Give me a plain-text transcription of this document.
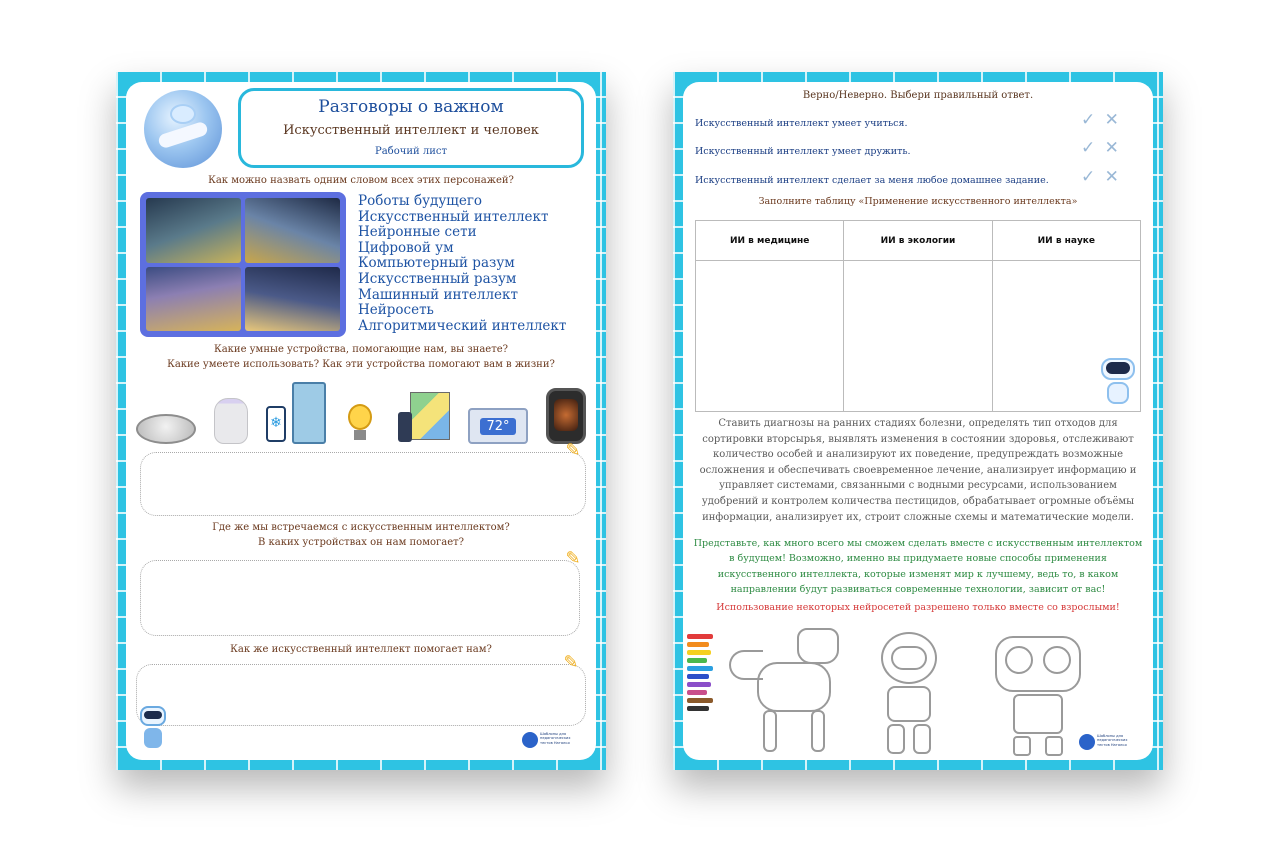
Разговоры о важном
Искусственный интеллект и человек
Рабочий лист
Как можно назвать одним словом всех этих персонажей?
Роботы будущего
Искусственный интеллект
Нейронные сети
Цифровой ум
Компьютерный разум
Искусственный разум
Машинный интеллект
Нейросеть
Алгоритмический интеллект
Какие умные устройства, помогающие нам, вы знаете?
Какие умеете использовать? Как эти устройства помогают вам в жизни?
❄	72°
✎
Где же мы встречаемся с искусственным интеллектом?
В каких устройствах он нам помогает?
✎
Как же искусственный интеллект помогает нам?
✎
Шаблоны для педагогических тестов Наталья
Верно/Неверно. Выбери правильный ответ.
Искусственный интеллект умеет учиться.	✓ ✕
Искусственный интеллект умеет дружить.	✓ ✕
Искусственный интеллект сделает за меня любое домашнее задание. ✓ ✕
Заполните таблицу «Применение искусственного интеллекта»
ИИ в медицине	ИИ в экологии	ИИ в науке

Ставить диагнозы на ранних стадиях болезни, определять тип отходов для сортировки вторсырья, выявлять изменения в состоянии здоровья, отслеживают количество особей и анализируют их поведение, предупреждать возможные осложнения и обеспечивать своевременное лечение, анализирует информацию и управляет системами, связанными с водными ресурсами, использованием удобрений и контролем количества пестицидов, обрабатывает огромные объёмы информации, анализирует их, строит сложные схемы и математические модели.
Представьте, как много всего мы сможем сделать вместе с искусственным интеллектом в будущем! Возможно, именно вы придумаете новые способы применения искусственного интеллекта, которые изменят мир к лучшему, ведь то, в каком направлении будут развиваться современные технологии, зависит от вас!
Использование некоторых нейросетей разрешено только вместе со взрослыми!
Шаблоны для педагогических тестов Наталья
